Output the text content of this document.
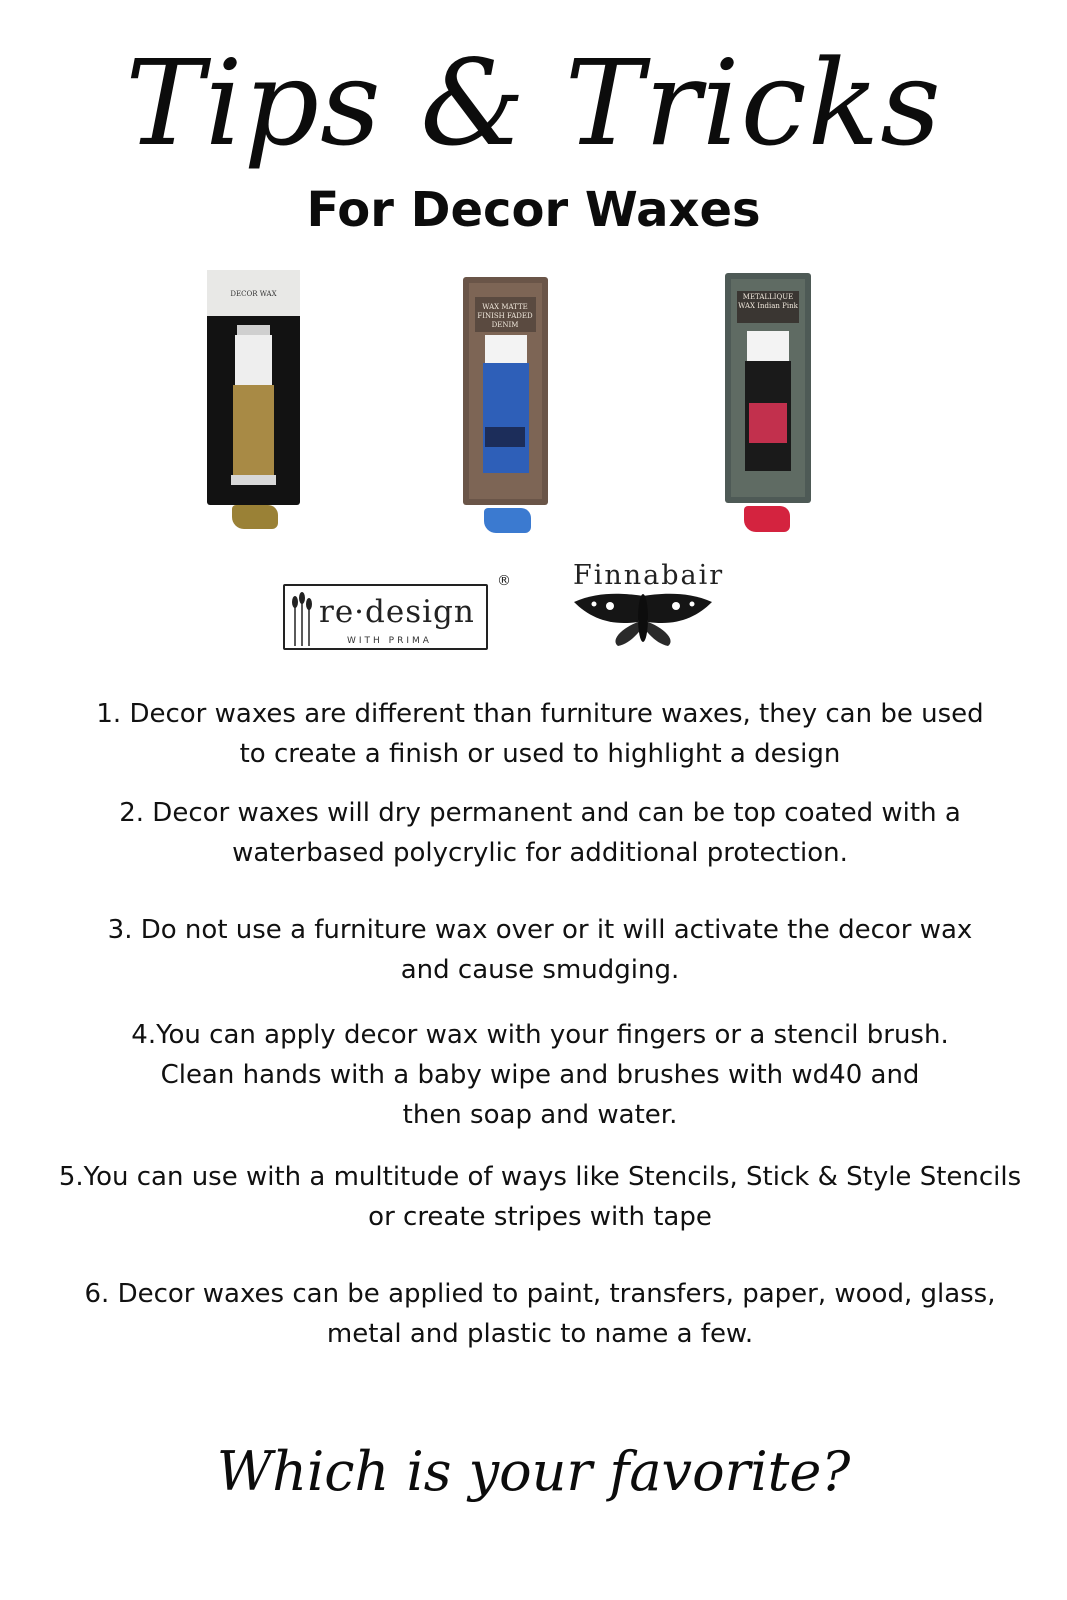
Tips & Tricks
For Decor Waxes
DECOR WAX
WAX MATTE FINISH FADED DENIM
METALLIQUE WAX Indian Pink
re·design
WITH PRIMA
® Finnabair
1. Decor waxes are different than furniture waxes, they can be used
to create a finish or used to highlight a design
2. Decor waxes will dry permanent and can be top coated with a
waterbased polycrylic for additional protection.
3. Do not use a furniture wax over or it will activate the decor wax
and cause smudging.
4.You can apply decor wax with your fingers or a stencil brush.
Clean hands with a baby wipe and brushes with wd40 and
then soap and water.
5.You can use with a multitude of ways like Stencils, Stick & Style Stencils
or create stripes with tape
6. Decor waxes can be applied to paint, transfers, paper, wood, glass,
metal and plastic to name a few.
Which is your favorite?
